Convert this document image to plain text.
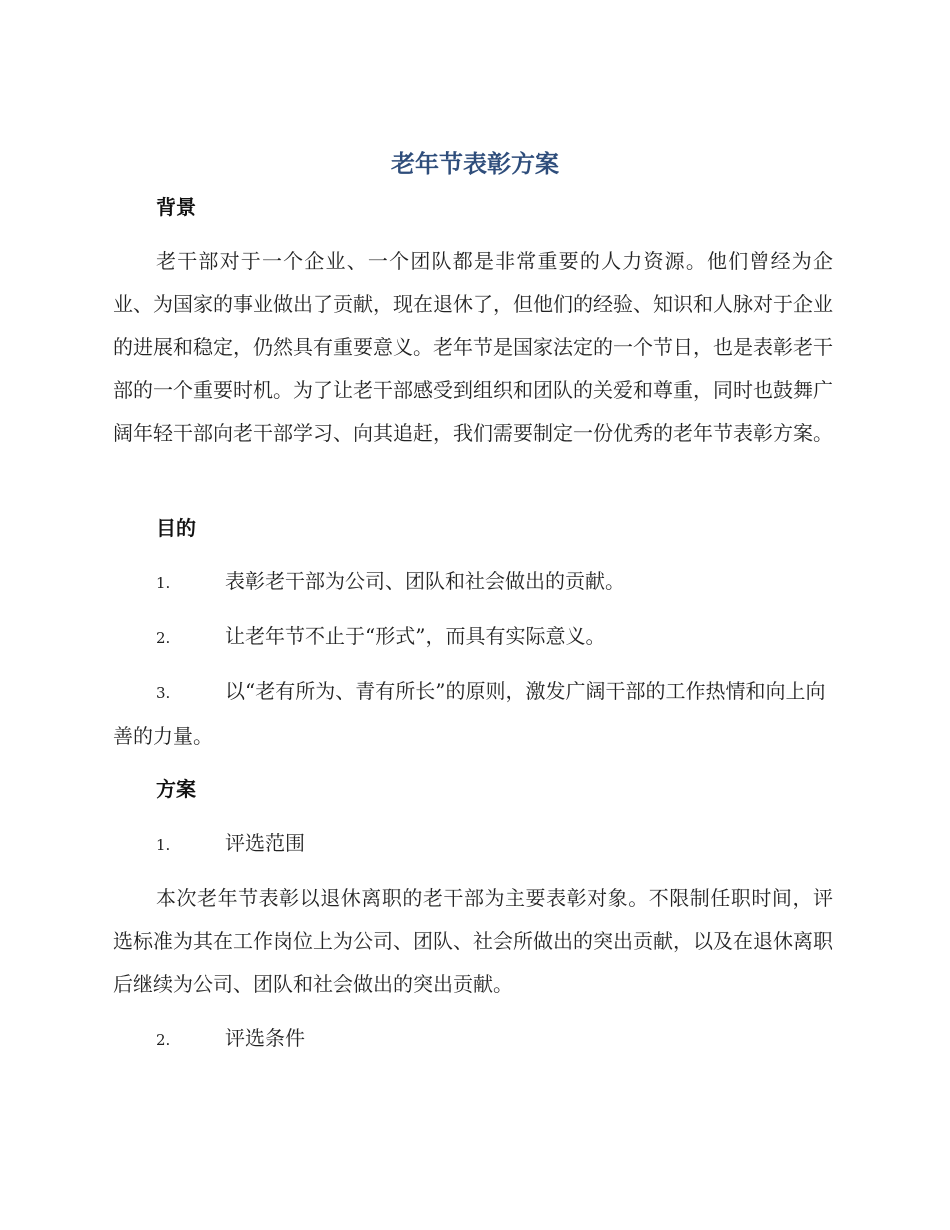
老年节表彰方案
背景

老干部对于一个企业、一个团队都是非常重要的人力资源。他们曾经为企业、为国家的事业做出了贡献，现在退休了，但他们的经验、知识和人脉对于企业的进展和稳定，仍然具有重要意义。老年节是国家法定的一个节日，也是表彰老干部的一个重要时机。为了让老干部感受到组织和团队的关爱和尊重，同时也鼓舞广阔年轻干部向老干部学习、向其追赶，我们需要制定一份优秀的老年节表彰方案。

目的

1.	表彰老干部为公司、团队和社会做出的贡献。

2.	让老年节不止于“形式”，而具有实际意义。

3.	以“老有所为、青有所长”的原则，激发广阔干部的工作热情和向上向善的力量。

方案

1.	评选范围

本次老年节表彰以退休离职的老干部为主要表彰对象。不限制任职时间，评选标准为其在工作岗位上为公司、团队、社会所做出的突出贡献，以及在退休离职后继续为公司、团队和社会做出的突出贡献。

2.	评选条件
